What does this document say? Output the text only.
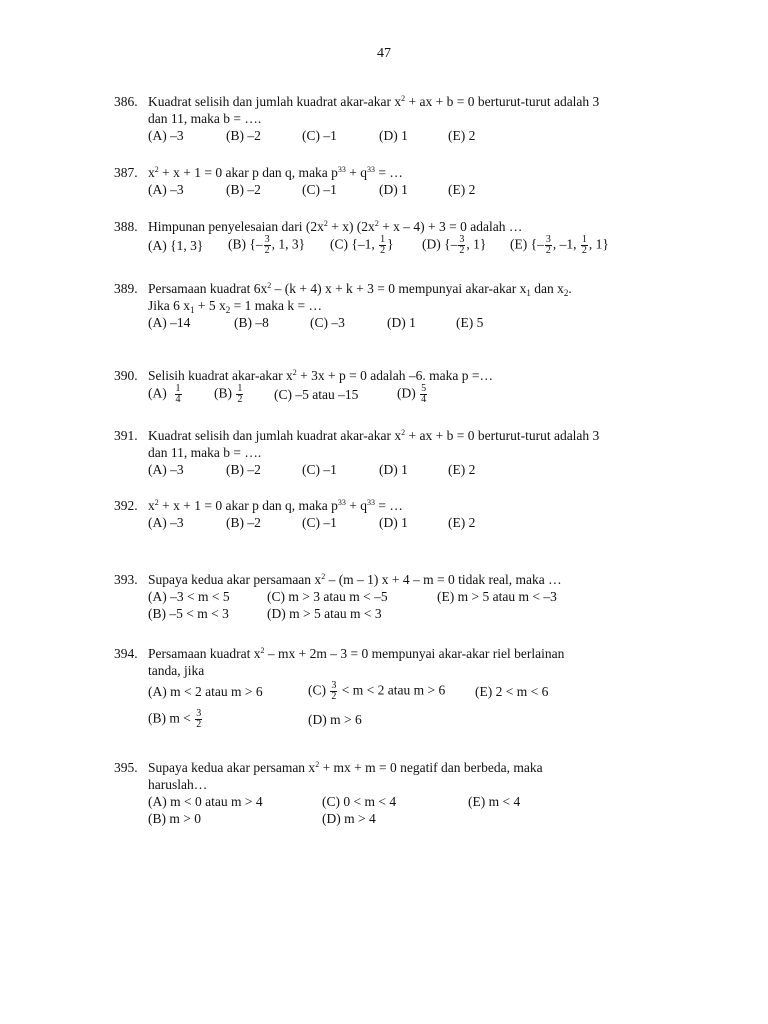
47
386. Kuadrat selisih dan jumlah kuadrat akar-akar $x^2$ + ax + b = 0 berturut-turut adalah 3
dan 11, maka b = ….
(A) –3	(B) –2	(C) –1	(D) 1	(E) 2
387. $x^2 + x + 1 = 0$ akar p dan q, maka $p^{33} + q^{33}$ = …
(A) –3	(B) –2	(C) –1	(D) 1	(E) 2
388. Himpunan penyelesaian dari $(2x^2 + x) (2x^2 + x - 4) + 3 = 0$ adalah …
(A) {1, 3} (B) {– $\frac{3}{2}$ , 1, 3} (C) {–1, $\frac{1}{2}$ } (D) {– $\frac{3}{2}$ , 1} (E) {– $\frac{3}{2}$ , –1, $\frac{1}{2}$ , 1}
389. Persamaan kuadrat $6x^2 - (k + 4) x + k + 3 = 0$ mempunyai akar-akar $x_1$ dan $x_2$.
Jika 6 $x_1 + 5$ $x_2 = 1$ maka k = …
(A) –14	(B) –8	(C) –3	(D) 1	(E) 5
390. Selisih kuadrat akar-akar $x^2 + 3x + p = 0$ adalah –6. maka p =…
$(A) \frac{1}{4} (B) \frac{1}{2} (C)$ –5 atau –15	$(D) \frac{5}{4}$
391. Kuadrat selisih dan jumlah kuadrat akar-akar $x^2$ + ax + b = 0 berturut-turut adalah 3
dan 11, maka b = ….
(A) –3	(B) –2	(C) –1	(D) 1	(E) 2
392. $x^2 + x + 1 = 0$ akar p dan q, maka $p^{33} + q^{33}$ = …
(A) –3	(B) –2	(C) –1	(D) 1	(E) 2
393. Supaya kedua akar persamaan $x^2 - (m - 1) x + 4 - m = 0$ tidak real, maka …
(A) –3 < m < 5	(C) m > 3 atau m < –5	(E) m > 5 atau m < –3
(B) –5 < m < 3	(D) m > 5 atau m < 3
394. Persamaan kuadrat $x^2$ – mx + 2m – 3 = 0 mempunyai akar-akar riel berlainan
tanda, jika
(A) m < 2 atau m > 6	$(C) \frac{3}{2} < m < 2$ atau m > 6 (E) 2 < m < 6
(B) $m < \frac{3}{2}$	(D) m > 6
395. Supaya kedua akar persaman $x^2$ + mx + m = 0 negatif dan berbeda, maka
haruslah…
(A) m < 0 atau m > 4	(C) 0 < m < 4	(E) m < 4
(B) m > 0	(D) m > 4
